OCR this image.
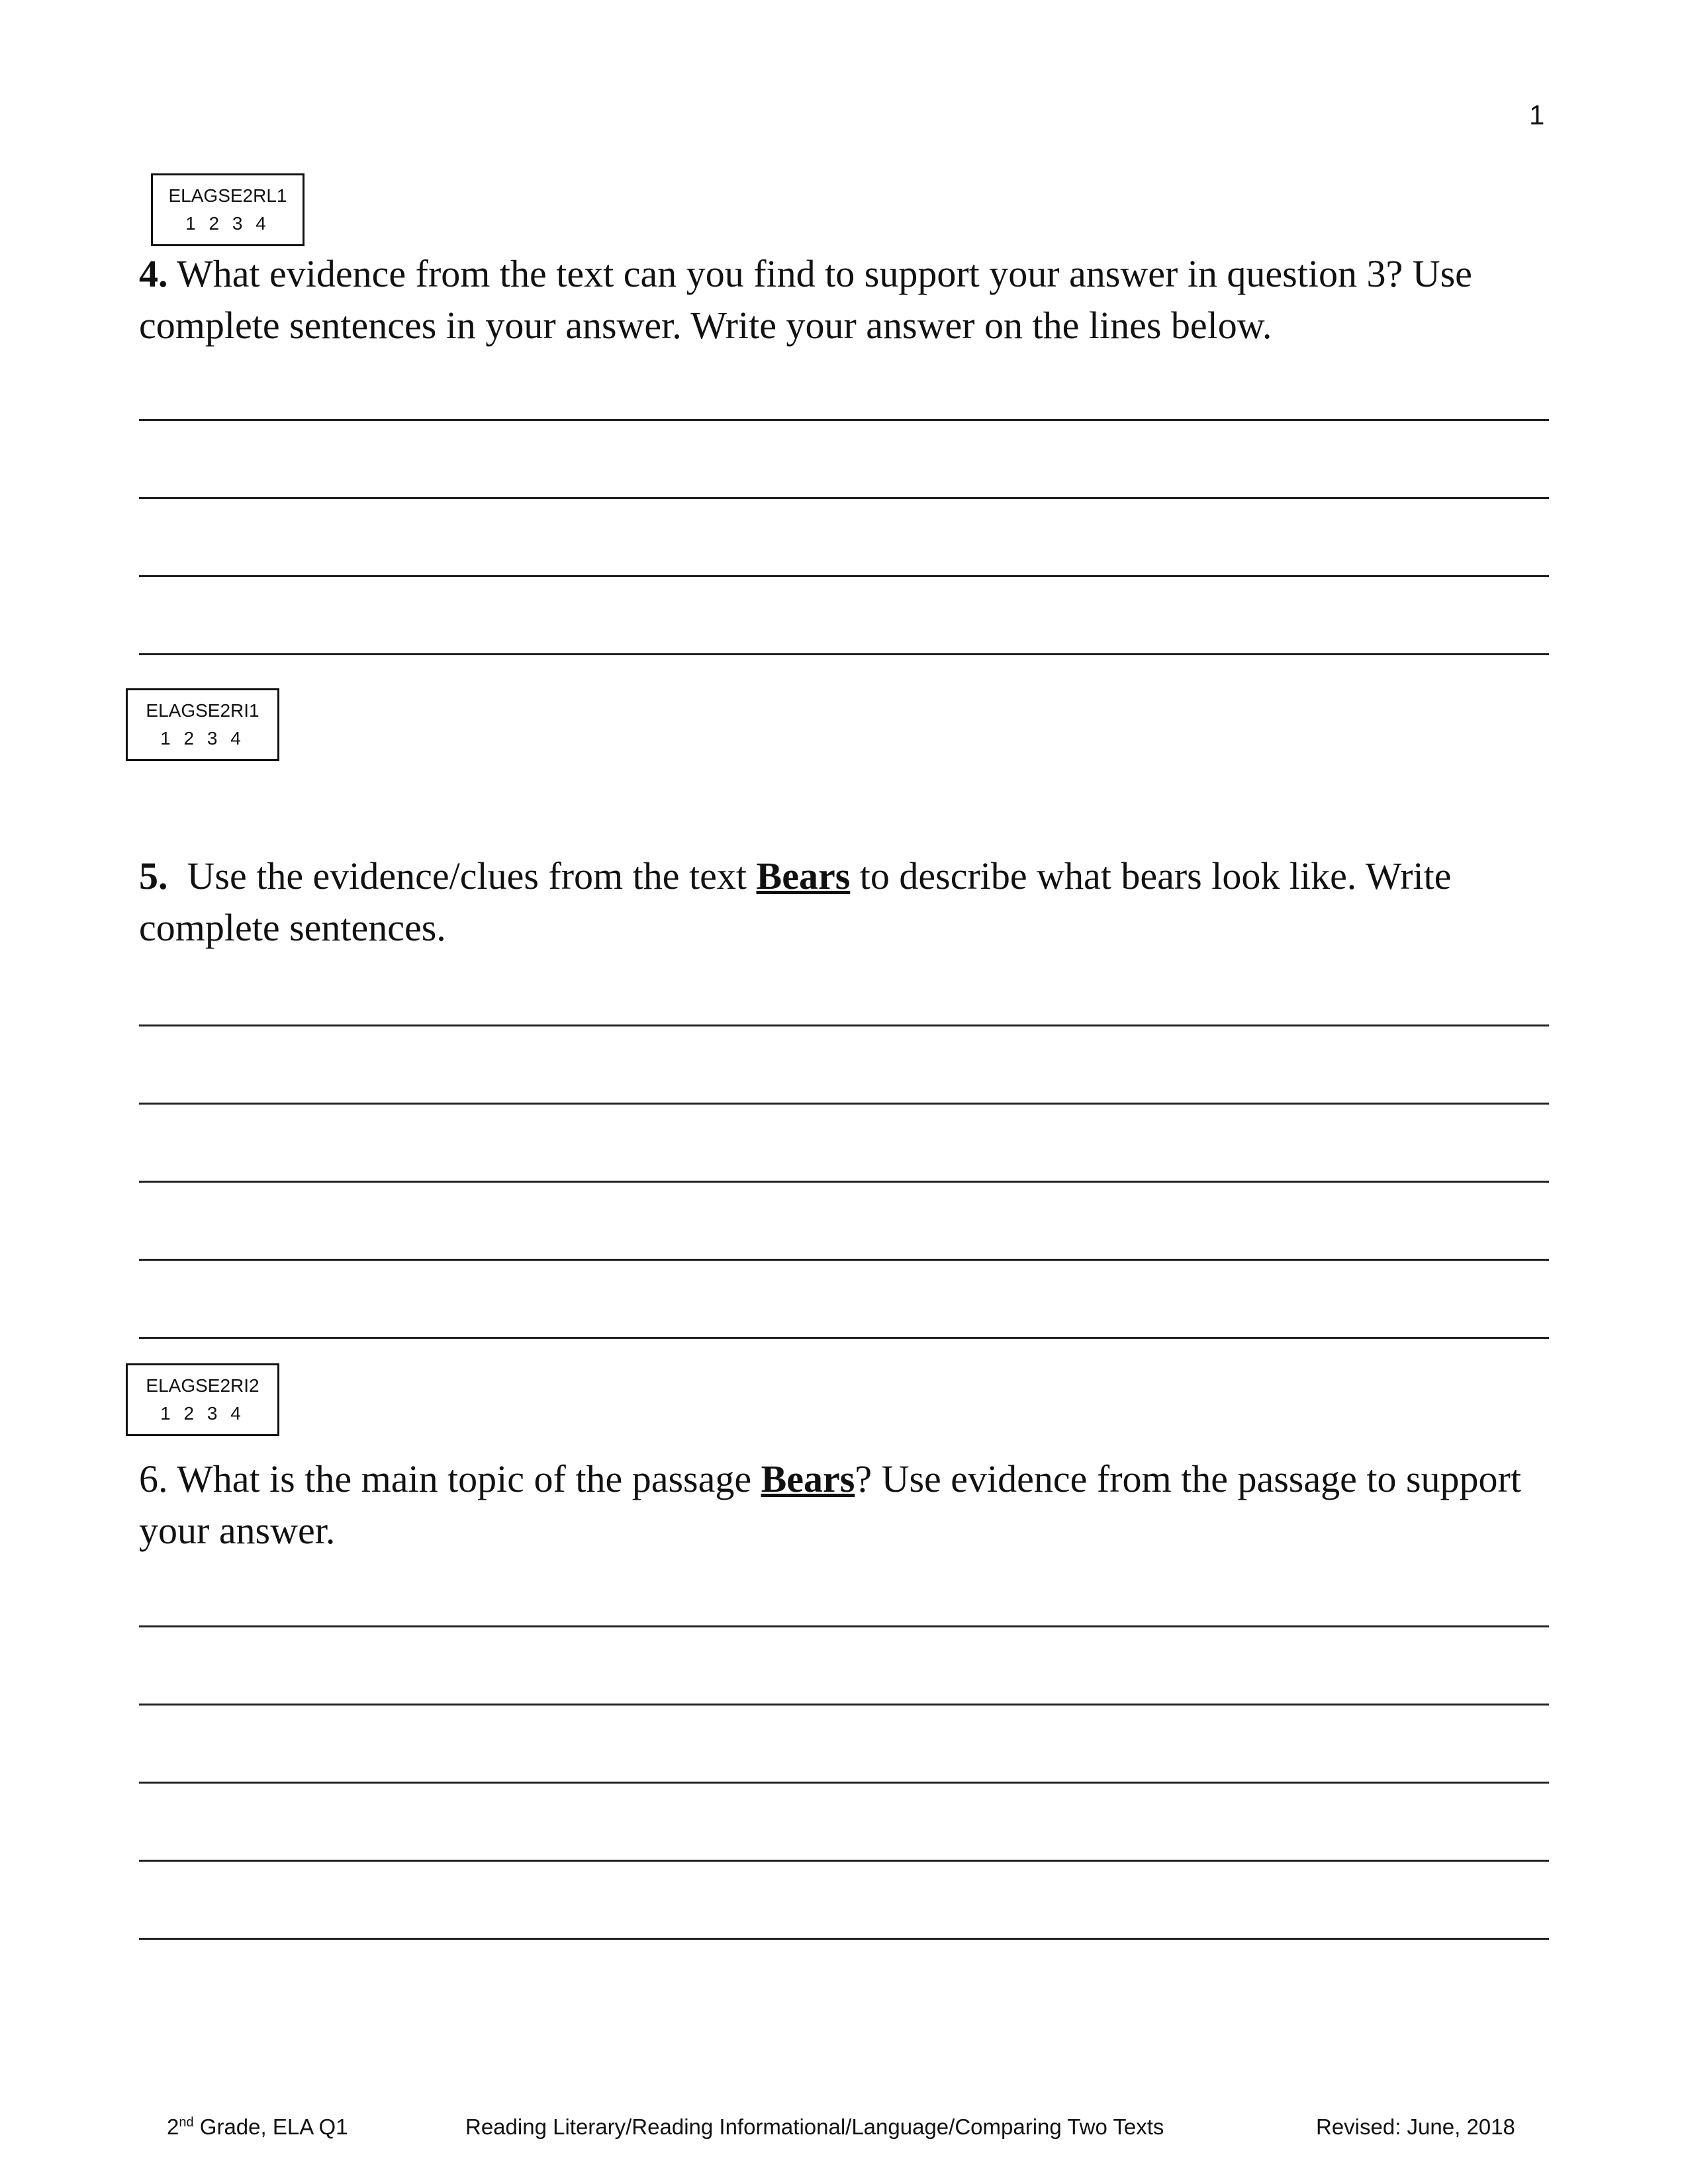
1
ELAGSE2RL1
1 2 3 4
4. What evidence from the text can you find to support your answer in question 3? Use complete sentences in your answer. Write your answer on the lines below.
ELAGSE2RI1
1 2 3 4
5. Use the evidence/clues from the text Bears to describe what bears look like. Write complete sentences.
ELAGSE2RI2
1 2 3 4
6. What is the main topic of the passage Bears? Use evidence from the passage to support your answer.
2nd Grade, ELA Q1	Reading Literary/Reading Informational/Language/Comparing Two Texts	Revised: June, 2018
